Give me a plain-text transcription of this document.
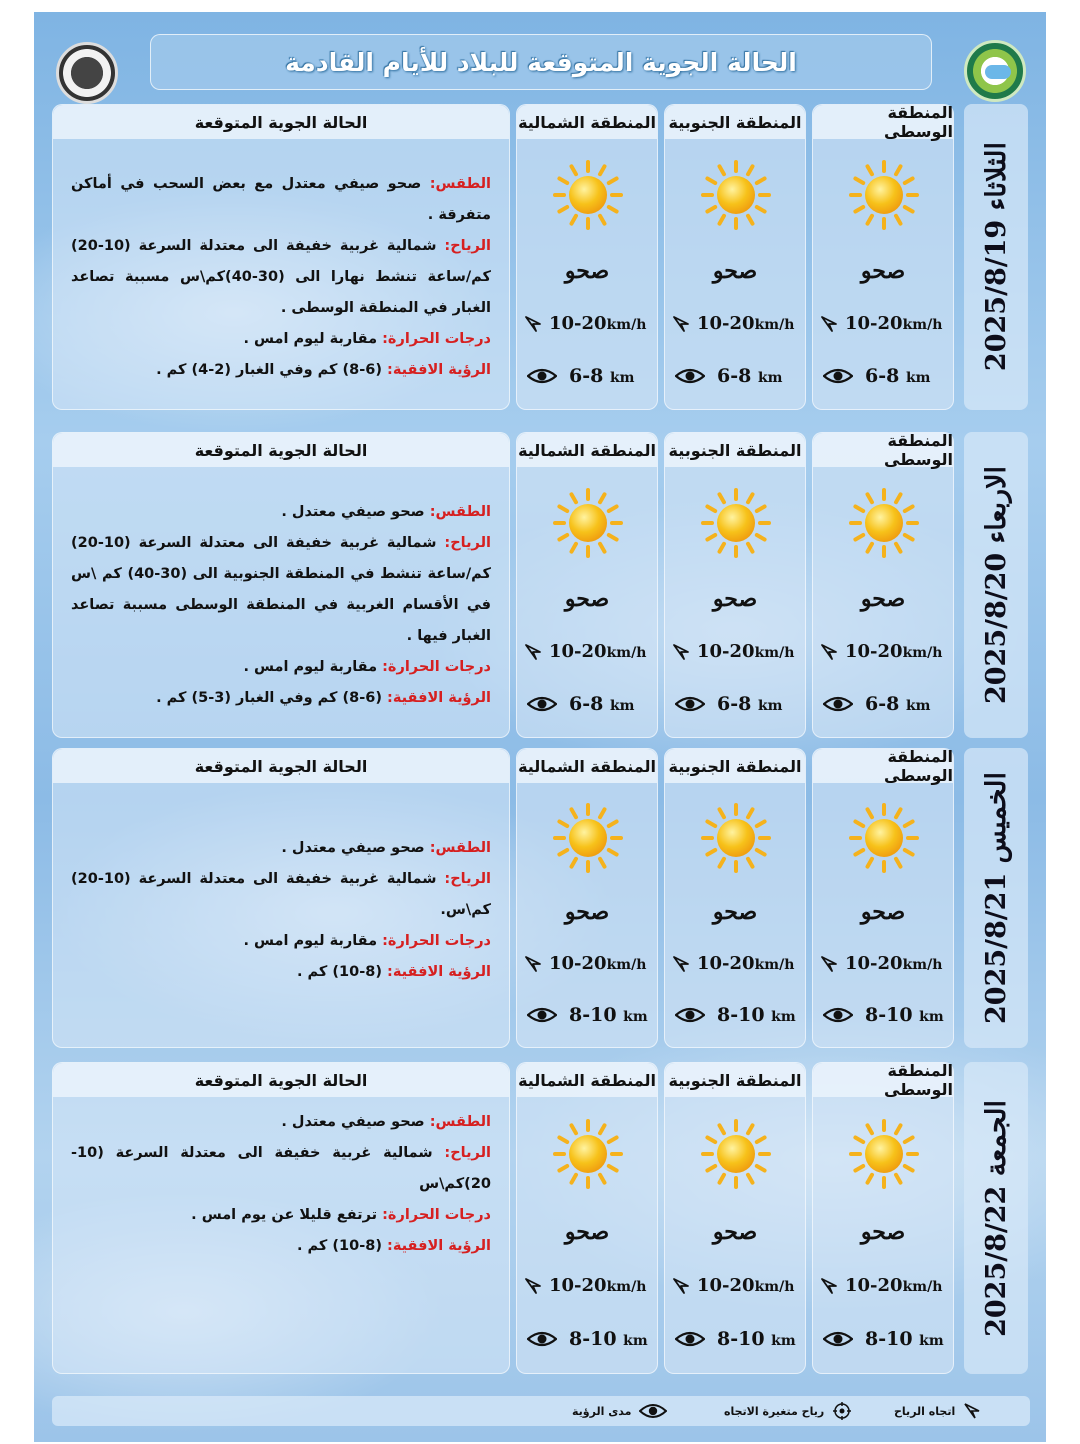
الحالة الجوية المتوقعة للبلاد للأيام القادمة
الثلاثاء 2025/8/19
المنطقة الوسطى
صحو
10-20km/h
6-8 km
المنطقة الجنوبية
صحو
10-20km/h
6-8 km
المنطقة الشمالية
صحو
10-20km/h
6-8 km
الحالة الجوية المتوقعة

الطقس: صحو صيفي معتدل مع بعض السحب في أماكن متفرقة .

الرياح: شمالية غربية خفيفة الى معتدلة السرعة (10-20) كم/ساعة تنشط نهارا الى (30-40)كم\س مسببة تصاعد الغبار في المنطقة الوسطى .

درجات الحرارة: مقاربة ليوم امس .

الرؤية الافقية: (6-8) كم وفي الغبار (2-4) كم .

الاربعاء 2025/8/20
المنطقة الوسطى
صحو
10-20km/h
6-8 km
المنطقة الجنوبية
صحو
10-20km/h
6-8 km
المنطقة الشمالية
صحو
10-20km/h
6-8 km
الحالة الجوية المتوقعة

الطقس: صحو صيفي معتدل .

الرياح: شمالية غربية خفيفة الى معتدلة السرعة (10-20) كم/ساعة تنشط في المنطقة الجنوبية الى (30-40) كم \س في الأقسام الغربية في المنطقة الوسطى مسببة تصاعد الغبار فيها .

درجات الحرارة: مقاربة ليوم امس .

الرؤية الافقية: (6-8) كم وفي الغبار (3-5) كم .

الخميس 2025/8/21
المنطقة الوسطى
صحو
10-20km/h
8-10 km
المنطقة الجنوبية
صحو
10-20km/h
8-10 km
المنطقة الشمالية
صحو
10-20km/h
8-10 km
الحالة الجوية المتوقعة

الطقس: صحو صيفي معتدل .

الرياح: شمالية غربية خفيفة الى معتدلة السرعة (10-20) كم\س.

درجات الحرارة: مقاربة ليوم امس .

الرؤية الافقية: (8-10) كم .

الجمعة 2025/8/22
المنطقة الوسطى
صحو
10-20km/h
8-10 km
المنطقة الجنوبية
صحو
10-20km/h
8-10 km
المنطقة الشمالية
صحو
10-20km/h
8-10 km
الحالة الجوية المتوقعة

الطقس: صحو صيفي معتدل .

الرياح: شمالية غربية خفيفة الى معتدلة السرعة (10-20)كم\س

درجات الحرارة: ترتفع قليلا عن يوم امس .

الرؤية الافقية: (8-10) كم .

اتجاه الرياح
رياح متغيرة الاتجاه
مدى الرؤية
